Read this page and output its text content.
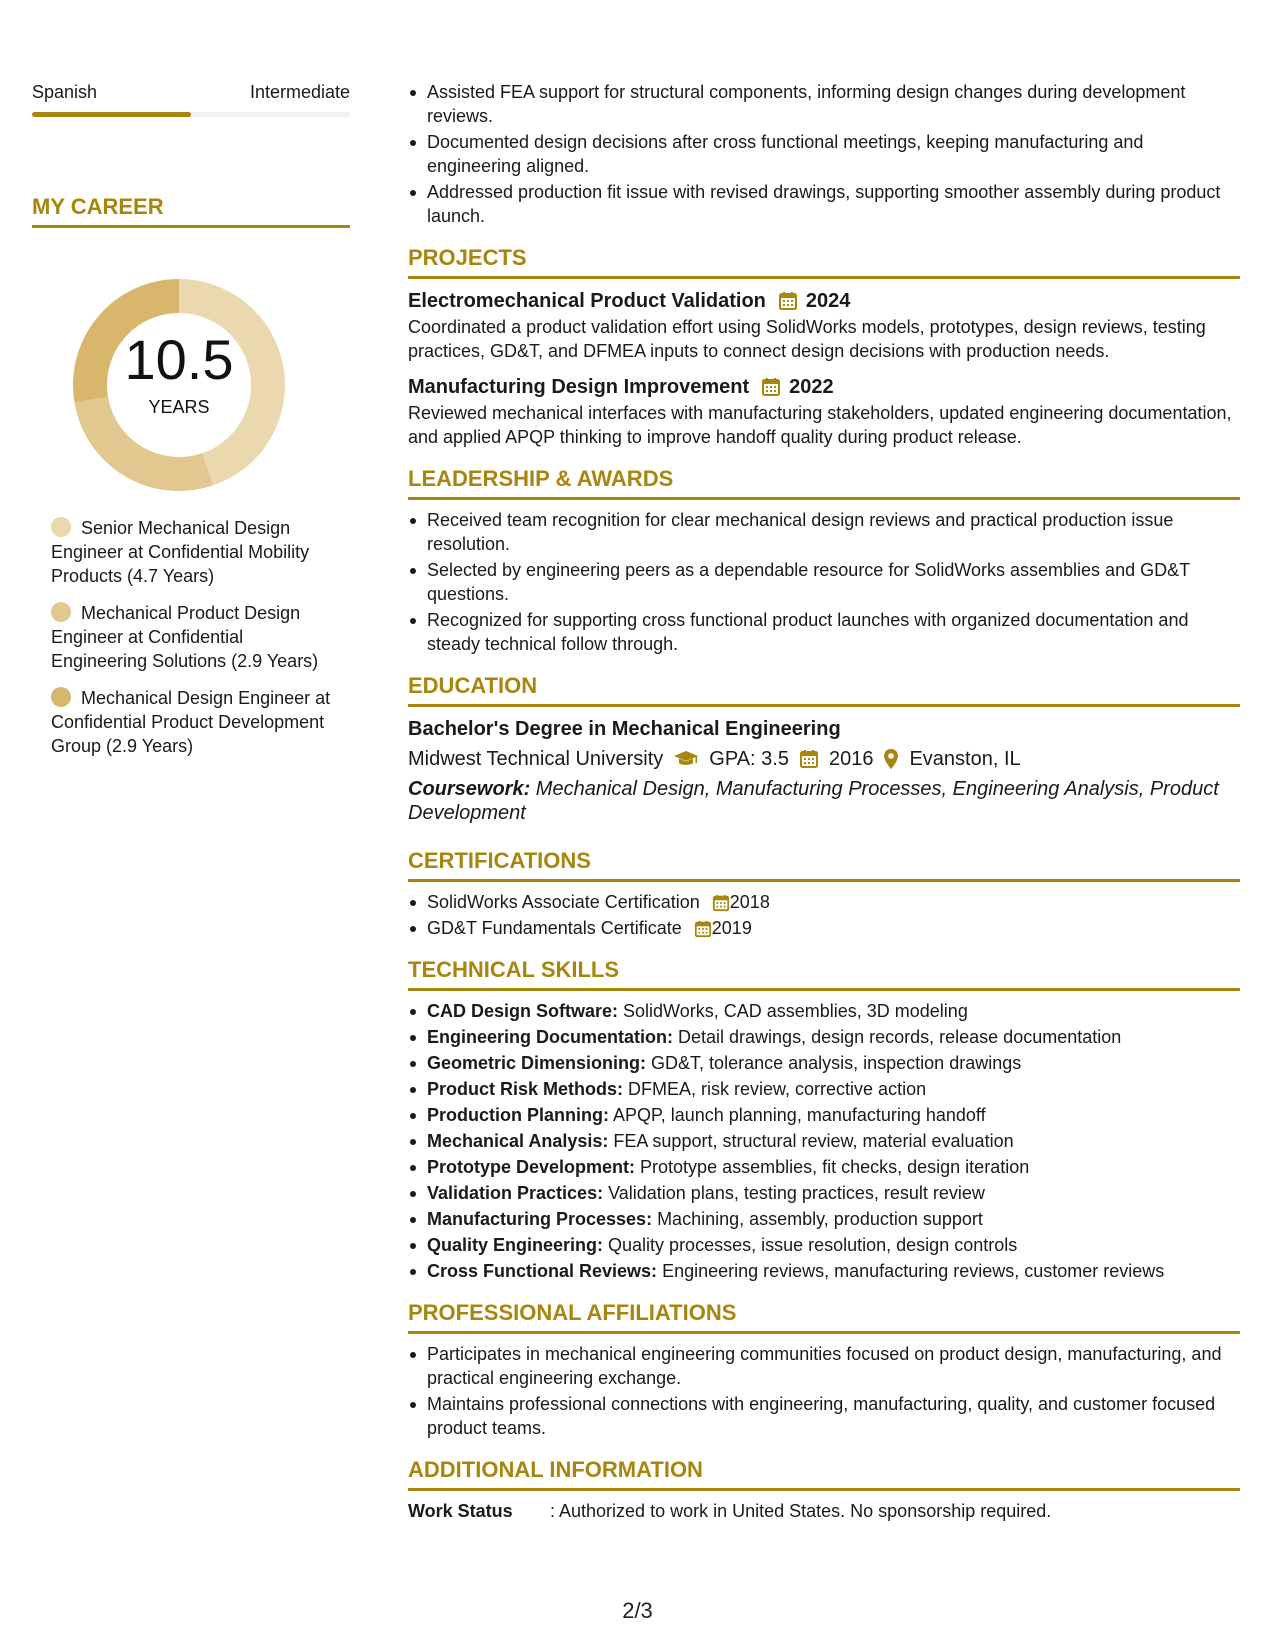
Spanish	Intermediate
MY CAREER
10.5
YEARS
Senior Mechanical Design Engineer at Confidential Mobility Products (4.7 Years)
Mechanical Product Design Engineer at Confidential Engineering Solutions (2.9 Years)
Mechanical Design Engineer at Confidential Product Development Group (2.9 Years)
Assisted FEA support for structural components, informing design changes during development reviews.
Documented design decisions after cross functional meetings, keeping manufacturing and engineering aligned.
Addressed production fit issue with revised drawings, supporting smoother assembly during product launch.
PROJECTS
Electromechanical Product Validation 2024
Coordinated a product validation effort using SolidWorks models, prototypes, design reviews, testing practices, GD&T, and DFMEA inputs to connect design decisions with production needs.
Manufacturing Design Improvement 2022
Reviewed mechanical interfaces with manufacturing stakeholders, updated engineering documentation, and applied APQP thinking to improve handoff quality during product release.
LEADERSHIP & AWARDS
Received team recognition for clear mechanical design reviews and practical production issue resolution.
Selected by engineering peers as a dependable resource for SolidWorks assemblies and GD&T questions.
Recognized for supporting cross functional product launches with organized documentation and steady technical follow through.
EDUCATION
Bachelor's Degree in Mechanical Engineering
Midwest Technical University GPA: 3.5 2016 Evanston, IL
Coursework: Mechanical Design, Manufacturing Processes, Engineering Analysis, Product Development
CERTIFICATIONS
SolidWorks Associate Certification 2018
GD&T Fundamentals Certificate 2019
TECHNICAL SKILLS
CAD Design Software: SolidWorks, CAD assemblies, 3D modeling
Engineering Documentation: Detail drawings, design records, release documentation
Geometric Dimensioning: GD&T, tolerance analysis, inspection drawings
Product Risk Methods: DFMEA, risk review, corrective action
Production Planning: APQP, launch planning, manufacturing handoff
Mechanical Analysis: FEA support, structural review, material evaluation
Prototype Development: Prototype assemblies, fit checks, design iteration
Validation Practices: Validation plans, testing practices, result review
Manufacturing Processes: Machining, assembly, production support
Quality Engineering: Quality processes, issue resolution, design controls
Cross Functional Reviews: Engineering reviews, manufacturing reviews, customer reviews
PROFESSIONAL AFFILIATIONS
Participates in mechanical engineering communities focused on product design, manufacturing, and practical engineering exchange.
Maintains professional connections with engineering, manufacturing, quality, and customer focused product teams.
ADDITIONAL INFORMATION
Work Status	: Authorized to work in United States. No sponsorship required.
2/3
